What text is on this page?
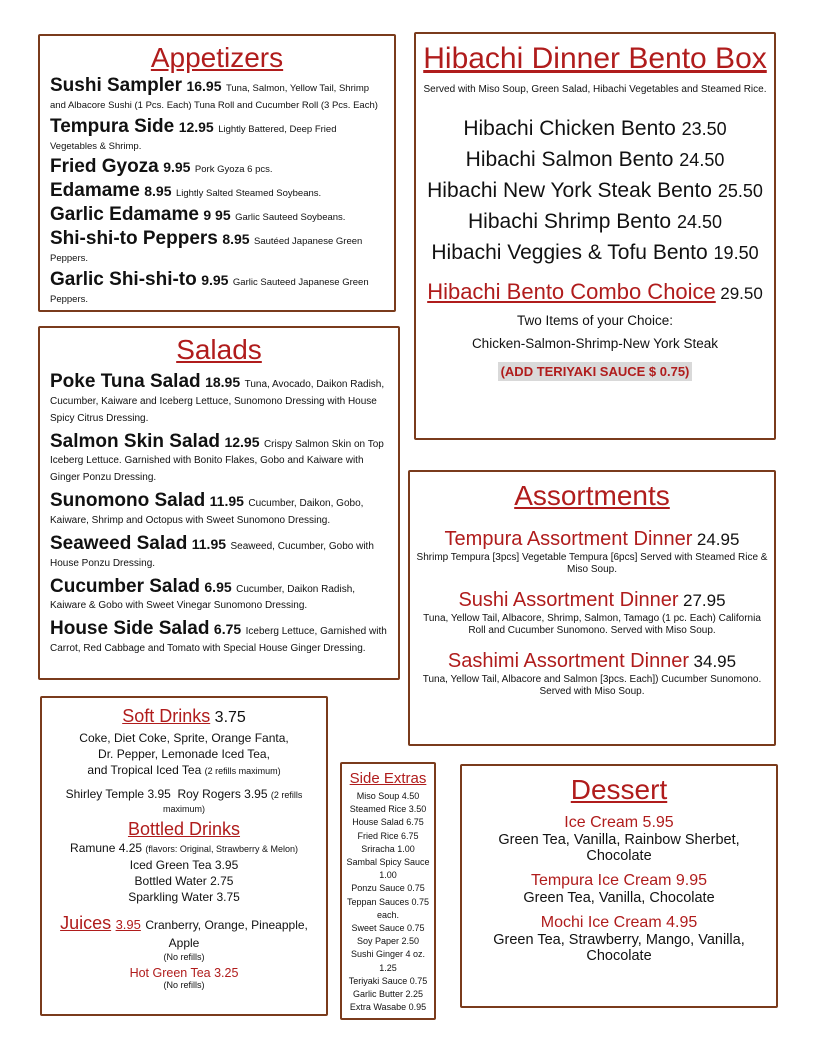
Appetizers
Sushi Sampler 16.95 Tuna, Salmon, Yellow Tail, Shrimp and Albacore Sushi (1 Pcs. Each) Tuna Roll and Cucumber Roll (3 Pcs. Each)
Tempura Side 12.95 Lightly Battered, Deep Fried Vegetables & Shrimp.
Fried Gyoza 9.95 Pork Gyoza 6 pcs.
Edamame 8.95 Lightly Salted Steamed Soybeans.
Garlic Edamame 9 95 Garlic Sauteed Soybeans.
Shi-shi-to Peppers 8.95 Sautéed Japanese Green Peppers.
Garlic Shi-shi-to 9.95 Garlic Sauteed Japanese Green Peppers.
Salads
Poke Tuna Salad 18.95 Tuna, Avocado, Daikon Radish, Cucumber, Kaiware and Iceberg Lettuce, Sunomono Dressing with House Spicy Citrus Dressing.
Salmon Skin Salad 12.95 Crispy Salmon Skin on Top Iceberg Lettuce. Garnished with Bonito Flakes, Gobo and Kaiware with Ginger Ponzu Dressing.
Sunomono Salad 11.95 Cucumber, Daikon, Gobo, Kaiware, Shrimp and Octopus with Sweet Sunomono Dressing.
Seaweed Salad 11.95 Seaweed, Cucumber, Gobo with House Ponzu Dressing.
Cucumber Salad 6.95 Cucumber, Daikon Radish, Kaiware & Gobo with Sweet Vinegar Sunomono Dressing.
House Side Salad 6.75 Iceberg Lettuce, Garnished with Carrot, Red Cabbage and Tomato with Special House Ginger Dressing.
Hibachi Dinner Bento Box
Served with Miso Soup, Green Salad, Hibachi Vegetables and Steamed Rice.
Hibachi Chicken Bento 23.50
Hibachi Salmon Bento 24.50
Hibachi New York Steak Bento 25.50
Hibachi Shrimp Bento 24.50
Hibachi Veggies & Tofu Bento 19.50
Hibachi Bento Combo Choice 29.50
Two Items of your Choice:
Chicken-Salmon-Shrimp-New York Steak
(ADD TERIYAKI SAUCE $ 0.75)
Assortments
Tempura Assortment Dinner 24.95
Shrimp Tempura [3pcs] Vegetable Tempura [6pcs] Served with Steamed Rice & Miso Soup.
Sushi Assortment Dinner 27.95
Tuna, Yellow Tail, Albacore, Shrimp, Salmon, Tamago (1 pc. Each) California Roll and Cucumber Sunomono. Served with Miso Soup.
Sashimi Assortment Dinner 34.95
Tuna, Yellow Tail, Albacore and Salmon [3pcs. Each]) Cucumber Sunomono. Served with Miso Soup.
Soft Drinks 3.75
Coke, Diet Coke, Sprite, Orange Fanta,
Dr. Pepper, Lemonade Iced Tea,
and Tropical Iced Tea (2 refills maximum)
Shirley Temple 3.95 Roy Rogers 3.95 (2 refills maximum)
Bottled Drinks
Ramune 4.25 (flavors: Original, Strawberry & Melon)
Iced Green Tea 3.95
Bottled Water 2.75
Sparkling Water 3.75
Juices 3.95 Cranberry, Orange, Pineapple, Apple
(No refills)
Hot Green Tea 3.25
(No refills)
Side Extras
Miso Soup 4.50
Steamed Rice 3.50
House Salad 6.75
Fried Rice 6.75
Sriracha 1.00
Sambal Spicy Sauce 1.00
Ponzu Sauce 0.75
Teppan Sauces 0.75 each.
Sweet Sauce 0.75
Soy Paper 2.50
Sushi Ginger 4 oz. 1.25
Teriyaki Sauce 0.75
Garlic Butter 2.25
Extra Wasabe 0.95
Dessert
Ice Cream 5.95
Green Tea, Vanilla, Rainbow Sherbet, Chocolate
Tempura Ice Cream 9.95
Green Tea, Vanilla, Chocolate
Mochi Ice Cream 4.95
Green Tea, Strawberry, Mango, Vanilla, Chocolate
